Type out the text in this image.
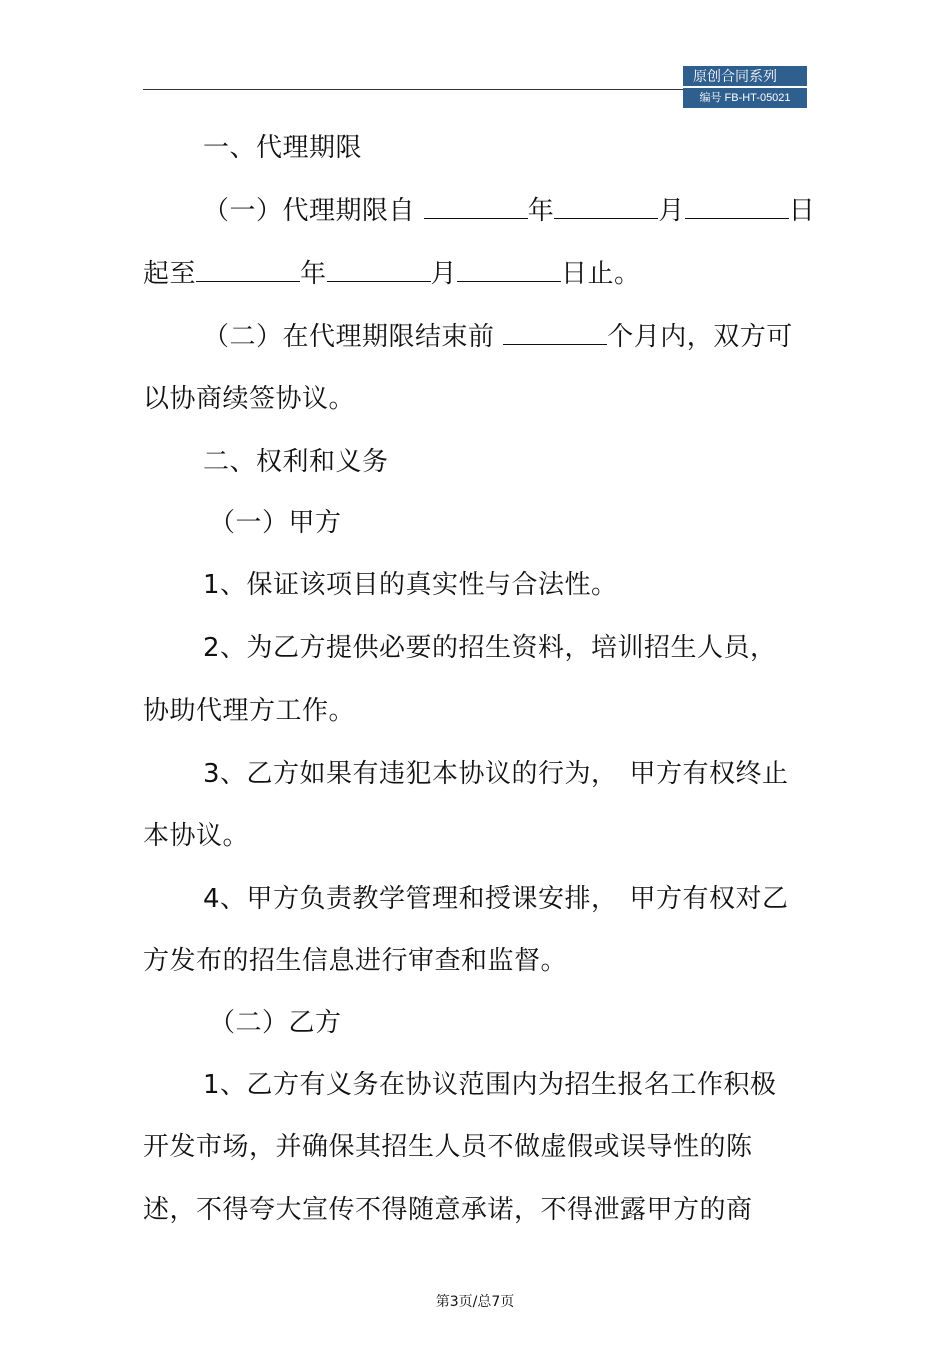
原创合同系列
编号 FB-HT-05021
一、代理期限
（一）代理期限自	年	月	日
起至	年	月	日止。
（二）在代理期限结束前	个月内，双方可
以协商续签协议。
二、权利和义务
（一）甲方
1、保证该项目的真实性与合法性。
2、为乙方提供必要的招生资料，培训招生人员，
协助代理方工作。
3、乙方如果有违犯本协议的行为， 甲方有权终止
本协议。
4、甲方负责教学管理和授课安排， 甲方有权对乙
方发布的招生信息进行审查和监督。
（二）乙方
1、乙方有义务在协议范围内为招生报名工作积极
开发市场，并确保其招生人员不做虚假或误导性的陈
述，不得夸大宣传不得随意承诺，不得泄露甲方的商
第3页/总7页
